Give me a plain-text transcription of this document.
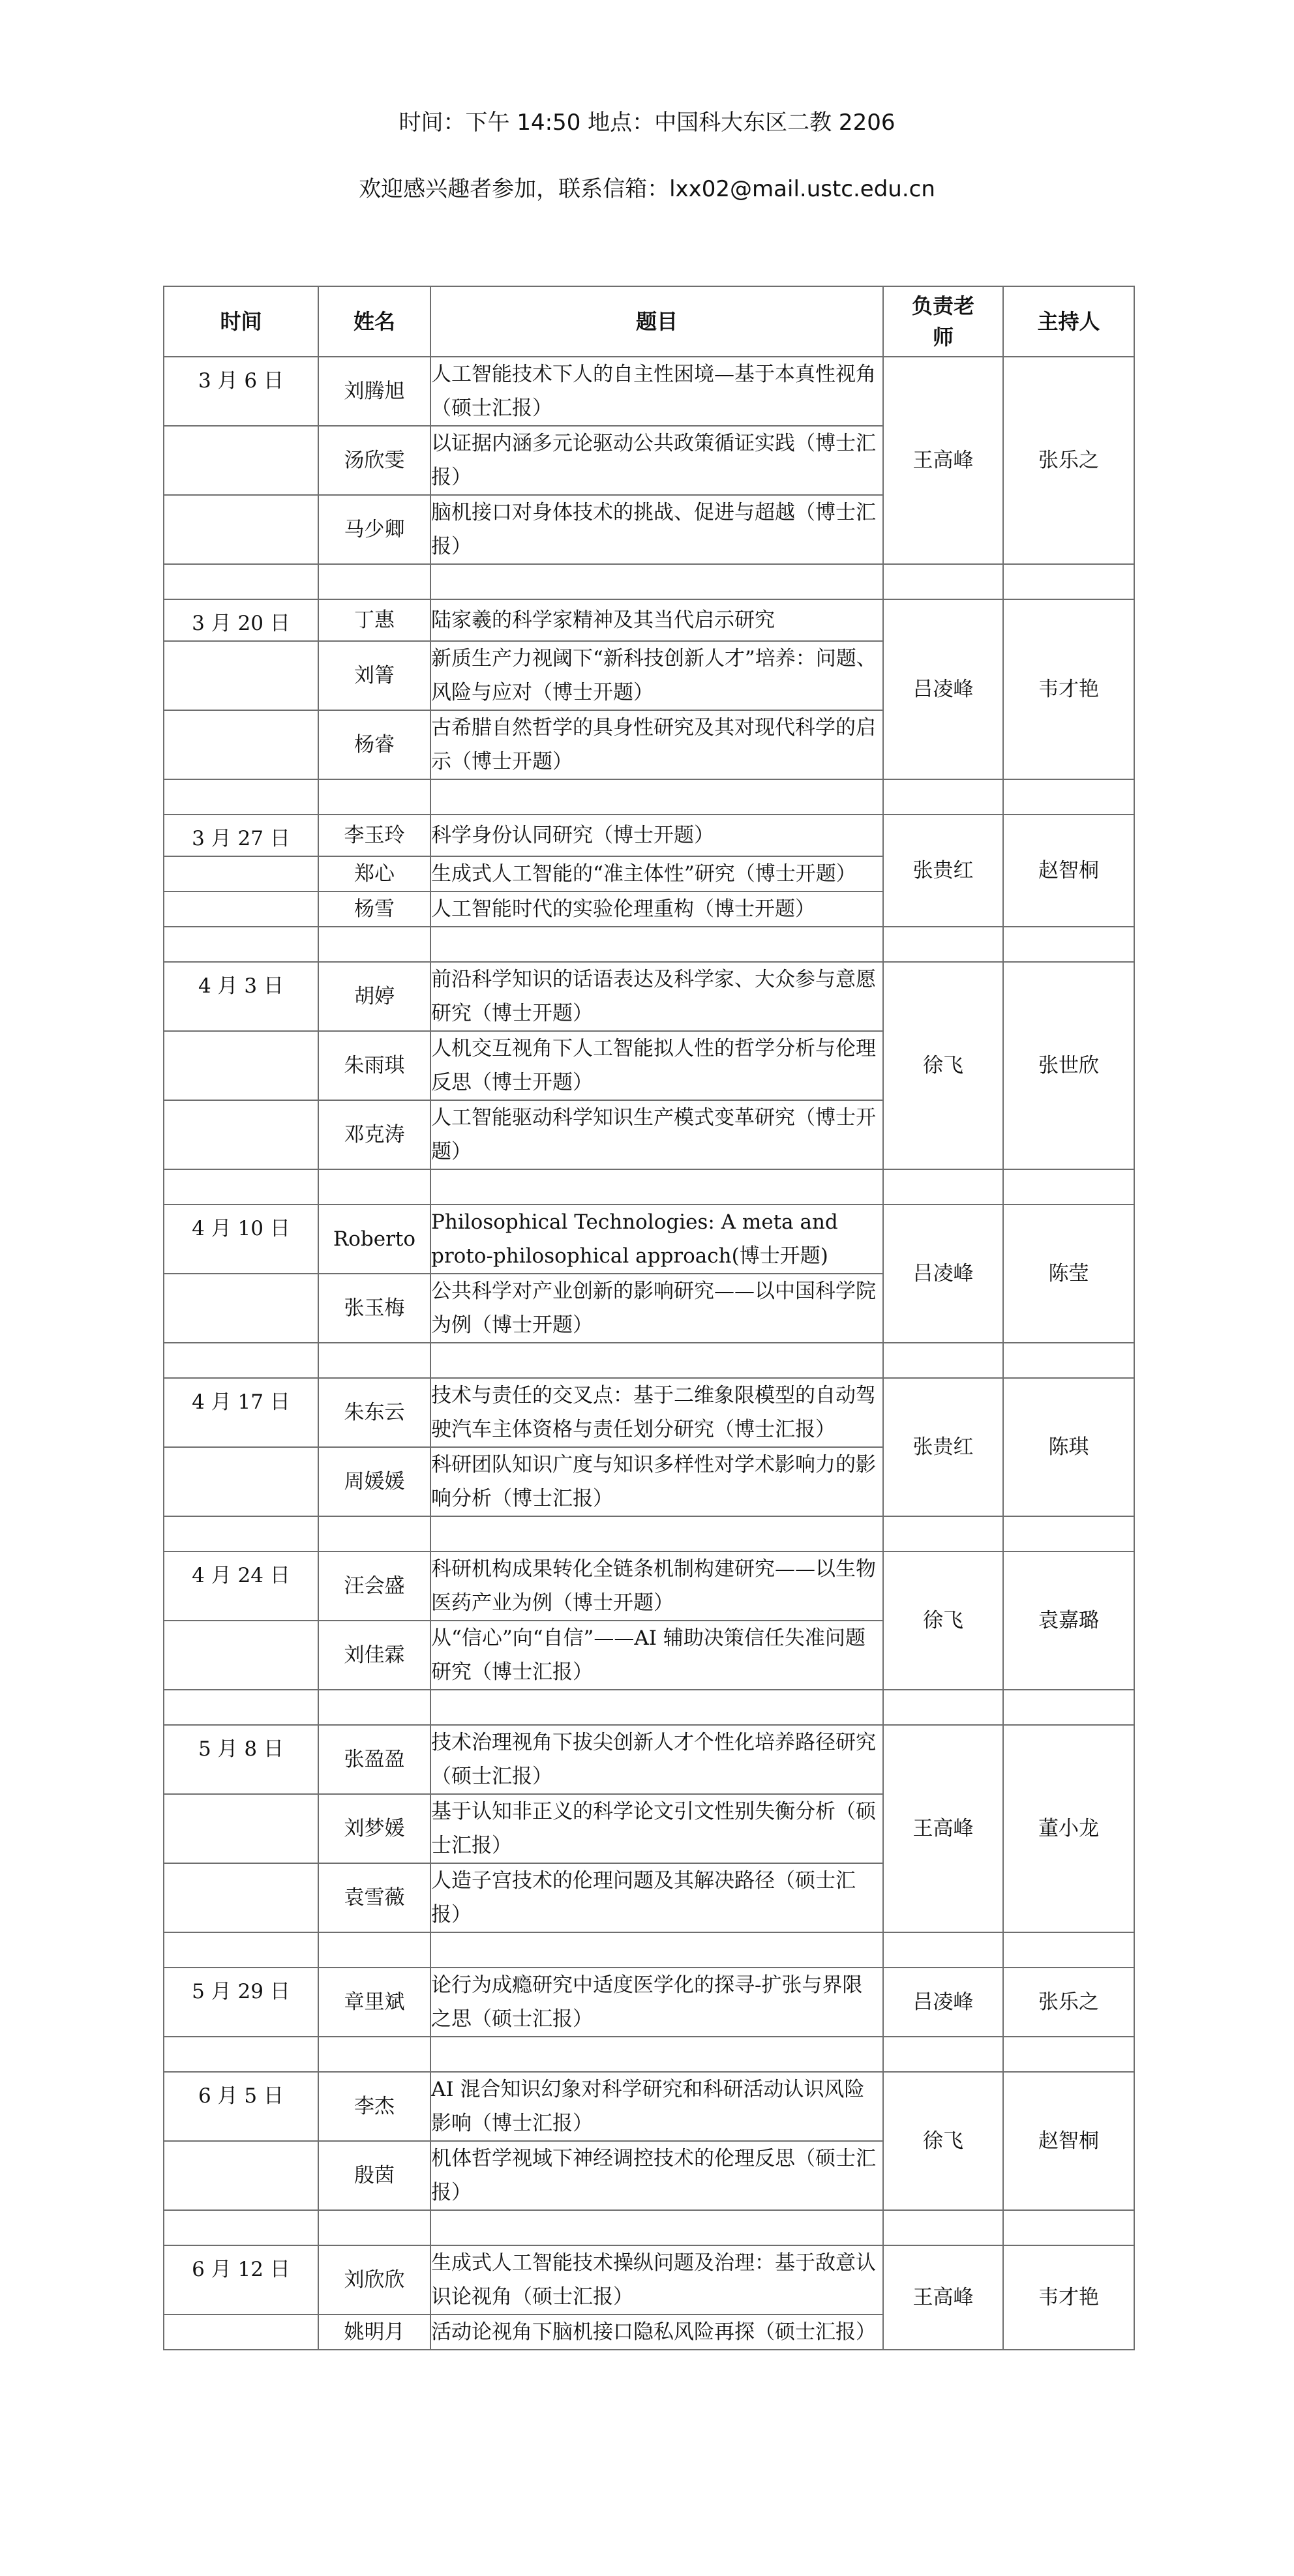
时间：下午 14:50 地点：中国科大东区二教 2206
欢迎感兴趣者参加，联系信箱：lxx02@mail.ustc.edu.cn
时间	姓名	题目	负责老师	主持人
3 月 6 日	刘腾旭	人工智能技术下人的自主性困境—基于本真性视角（硕士汇报）	王高峰	张乐之
	汤欣雯	以证据内涵多元论驱动公共政策循证实践（博士汇报）		
	马少卿	脑机接口对身体技术的挑战、促进与超越（博士汇报）		

3 月 20 日	丁惠	陆家羲的科学家精神及其当代启示研究	吕凌峰	韦才艳
	刘箐	新质生产力视阈下“新科技创新人才”培养：问题、风险与应对（博士开题）		
	杨睿	古希腊自然哲学的具身性研究及其对现代科学的启示（博士开题）		

3 月 27 日	李玉玲	科学身份认同研究（博士开题）	张贵红	赵智桐
	郑心	生成式人工智能的“准主体性”研究（博士开题）		
	杨雪	人工智能时代的实验伦理重构（博士开题）		

4 月 3 日	胡婷	前沿科学知识的话语表达及科学家、大众参与意愿研究（博士开题）	徐飞	张世欣
	朱雨琪	人机交互视角下人工智能拟人性的哲学分析与伦理反思（博士开题）		
	邓克涛	人工智能驱动科学知识生产模式变革研究（博士开题）		

4 月 10 日	Roberto	Philosophical Technologies: A meta and proto-philosophical approach(博士开题)	吕凌峰	陈莹
	张玉梅	公共科学对产业创新的影响研究——以中国科学院为例（博士开题）		

4 月 17 日	朱东云	技术与责任的交叉点：基于二维象限模型的自动驾驶汽车主体资格与责任划分研究（博士汇报）	张贵红	陈琪
	周媛媛	科研团队知识广度与知识多样性对学术影响力的影响分析（博士汇报）		

4 月 24 日	汪会盛	科研机构成果转化全链条机制构建研究——以生物医药产业为例（博士开题）	徐飞	袁嘉璐
	刘佳霖	从“信心”向“自信”——AI 辅助决策信任失准问题研究（博士汇报）		

5 月 8 日	张盈盈	技术治理视角下拔尖创新人才个性化培养路径研究（硕士汇报）	王高峰	董小龙
	刘梦媛	基于认知非正义的科学论文引文性别失衡分析（硕士汇报）		
	袁雪薇	人造子宫技术的伦理问题及其解决路径（硕士汇报）		

5 月 29 日	章里斌	论行为成瘾研究中适度医学化的探寻-扩张与界限之思（硕士汇报）	吕凌峰	张乐之

6 月 5 日	李杰	AI 混合知识幻象对科学研究和科研活动认识风险影响（博士汇报）	徐飞	赵智桐
	殷茵	机体哲学视域下神经调控技术的伦理反思（硕士汇报）		

6 月 12 日	刘欣欣	生成式人工智能技术操纵问题及治理：基于敌意认识论视角（硕士汇报）	王高峰	韦才艳
	姚明月	活动论视角下脑机接口隐私风险再探（硕士汇报）		
